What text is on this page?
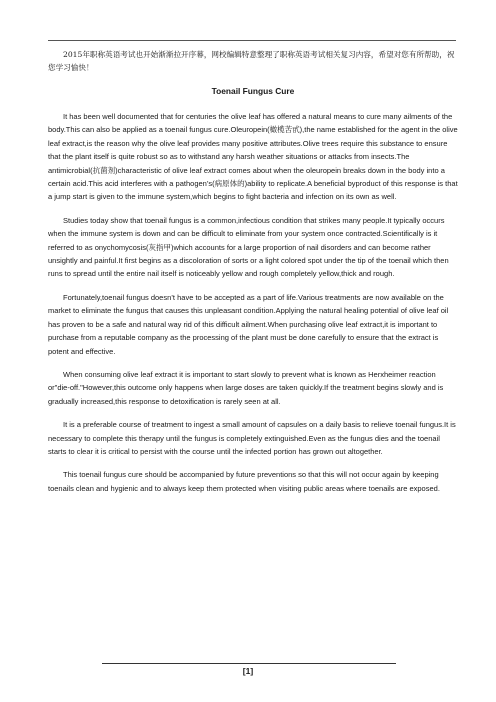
2015年职称英语考试也开始渐渐拉开序幕，网校编辑特意整理了职称英语考试相关复习内容，希望对您有所帮助，祝您学习愉快！

Toenail Fungus Cure

It has been well documented that for centuries the olive leaf has offered a natural means to cure many ailments of the body.This can also be applied as a toenail fungus cure.Oleuropein(橄榄苦甙),the name established for the agent in the olive leaf extract,is the reason why the olive leaf provides many positive attributes.Olive trees require this substance to ensure that the plant itself is quite robust so as to withstand any harsh weather situations or attacks from insects.The antimicrobial(抗菌剂)characteristic of olive leaf extract comes about when the oleuropein breaks down in the body into a certain acid.This acid interferes with a pathogen’s(病原体的)ability to replicate.A beneficial byproduct of this response is that a jump start is given to the immune system,which begins to fight bacteria and infection on its own as well.

Studies today show that toenail fungus is a common,infectious condition that strikes many people.It typically occurs when the immune system is down and can be difficult to eliminate from your system once contracted.Scientifically is it referred to as onychomycosis(灰指甲)which accounts for a large proportion of nail disorders and can become rather unsightly and painful.It first begins as a discoloration of sorts or a light colored spot under the tip of the toenail which then runs to spread until the entire nail itself is noticeably yellow and rough completely yellow,thick and rough.

Fortunately,toenail fungus doesn’t have to be accepted as a part of life.Various treatments are now available on the market to eliminate the fungus that causes this unpleasant condition.Applying the natural healing potential of olive leaf oil has proven to be a safe and natural way rid of this difficult ailment.When purchasing olive leaf extract,it is important to purchase from a reputable company as the processing of the plant must be done carefully to ensure that the extract is potent and effective.

When consuming olive leaf extract it is important to start slowly to prevent what is known as Herxheimer reaction or"die-off."However,this outcome only happens when large doses are taken quickly.If the treatment begins slowly and is gradually increased,this response to detoxification is rarely seen at all.

It is a preferable course of treatment to ingest a small amount of capsules on a daily basis to relieve toenail fungus.It is necessary to complete this therapy until the fungus is completely extinguished.Even as the fungus dies and the toenail starts to clear it is critical to persist with the course until the infected portion has grown out altogether.

This toenail fungus cure should be accompanied by future preventions so that this will not occur again by keeping toenails clean and hygienic and to always keep them protected when visiting public areas where toenails are exposed.

[1]
